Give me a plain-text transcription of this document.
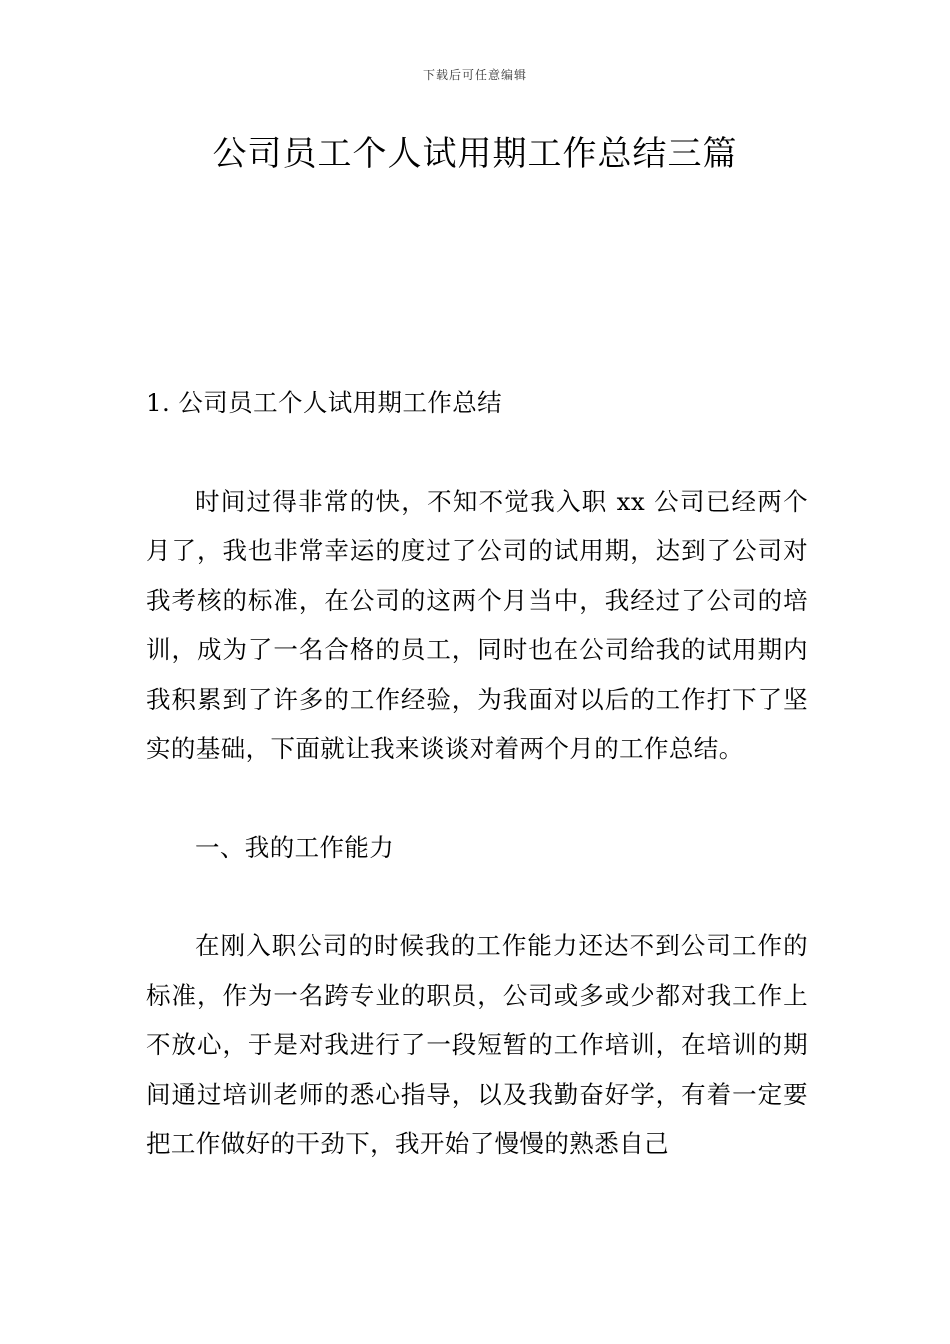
下载后可任意编辑
公司员工个人试用期工作总结三篇
1. 公司员工个人试用期工作总结

时间过得非常的快，不知不觉我入职 xx 公司已经两个月了，我也非常幸运的度过了公司的试用期，达到了公司对我考核的标准，在公司的这两个月当中，我经过了公司的培训，成为了一名合格的员工，同时也在公司给我的试用期内我积累到了许多的工作经验，为我面对以后的工作打下了坚实的基础，下面就让我来谈谈对着两个月的工作总结。

一、我的工作能力

在刚入职公司的时候我的工作能力还达不到公司工作的标准，作为一名跨专业的职员，公司或多或少都对我工作上不放心，于是对我进行了一段短暂的工作培训，在培训的期间通过培训老师的悉心指导，以及我勤奋好学，有着一定要把工作做好的干劲下，我开始了慢慢的熟悉自己
